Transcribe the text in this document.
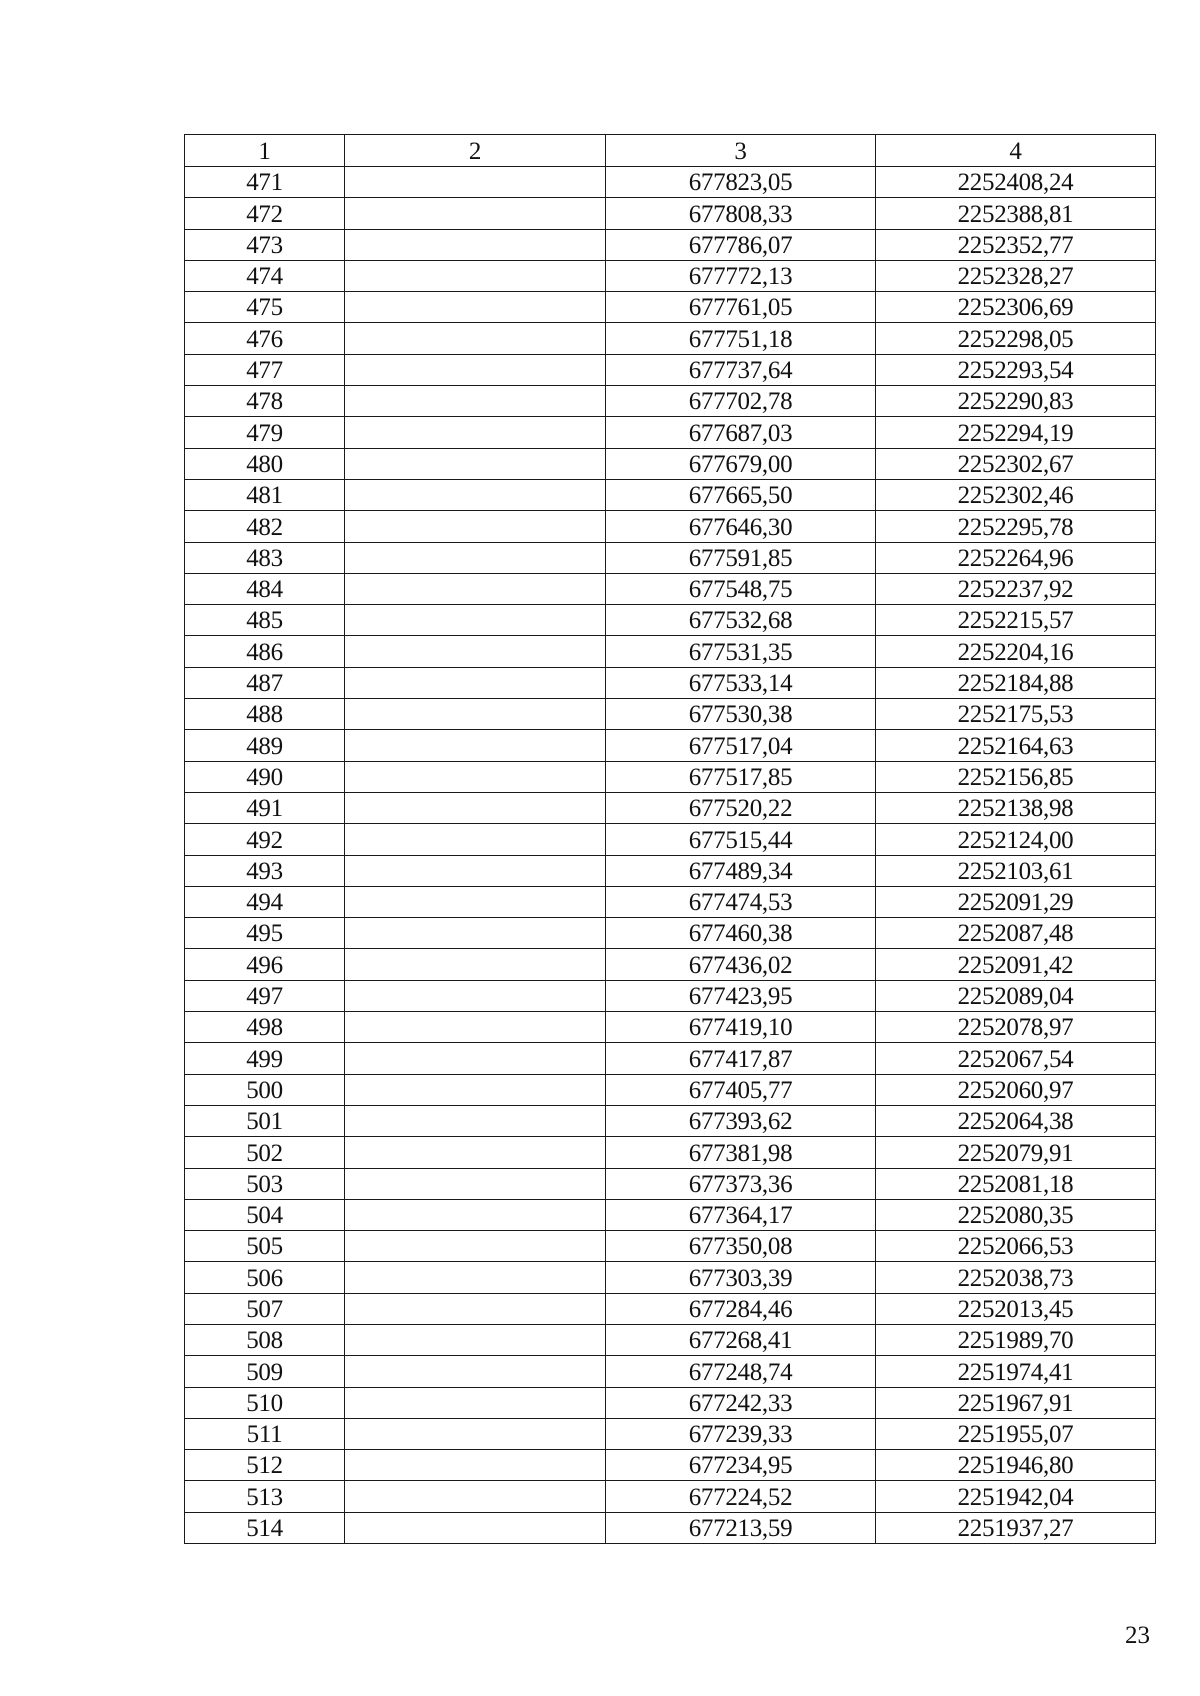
1	2	3	4
471		677823,05	2252408,24
472		677808,33	2252388,81
473		677786,07	2252352,77
474		677772,13	2252328,27
475		677761,05	2252306,69
476		677751,18	2252298,05
477		677737,64	2252293,54
478		677702,78	2252290,83
479		677687,03	2252294,19
480		677679,00	2252302,67
481		677665,50	2252302,46
482		677646,30	2252295,78
483		677591,85	2252264,96
484		677548,75	2252237,92
485		677532,68	2252215,57
486		677531,35	2252204,16
487		677533,14	2252184,88
488		677530,38	2252175,53
489		677517,04	2252164,63
490		677517,85	2252156,85
491		677520,22	2252138,98
492		677515,44	2252124,00
493		677489,34	2252103,61
494		677474,53	2252091,29
495		677460,38	2252087,48
496		677436,02	2252091,42
497		677423,95	2252089,04
498		677419,10	2252078,97
499		677417,87	2252067,54
500		677405,77	2252060,97
501		677393,62	2252064,38
502		677381,98	2252079,91
503		677373,36	2252081,18
504		677364,17	2252080,35
505		677350,08	2252066,53
506		677303,39	2252038,73
507		677284,46	2252013,45
508		677268,41	2251989,70
509		677248,74	2251974,41
510		677242,33	2251967,91
511		677239,33	2251955,07
512		677234,95	2251946,80
513		677224,52	2251942,04
514		677213,59	2251937,27
23
